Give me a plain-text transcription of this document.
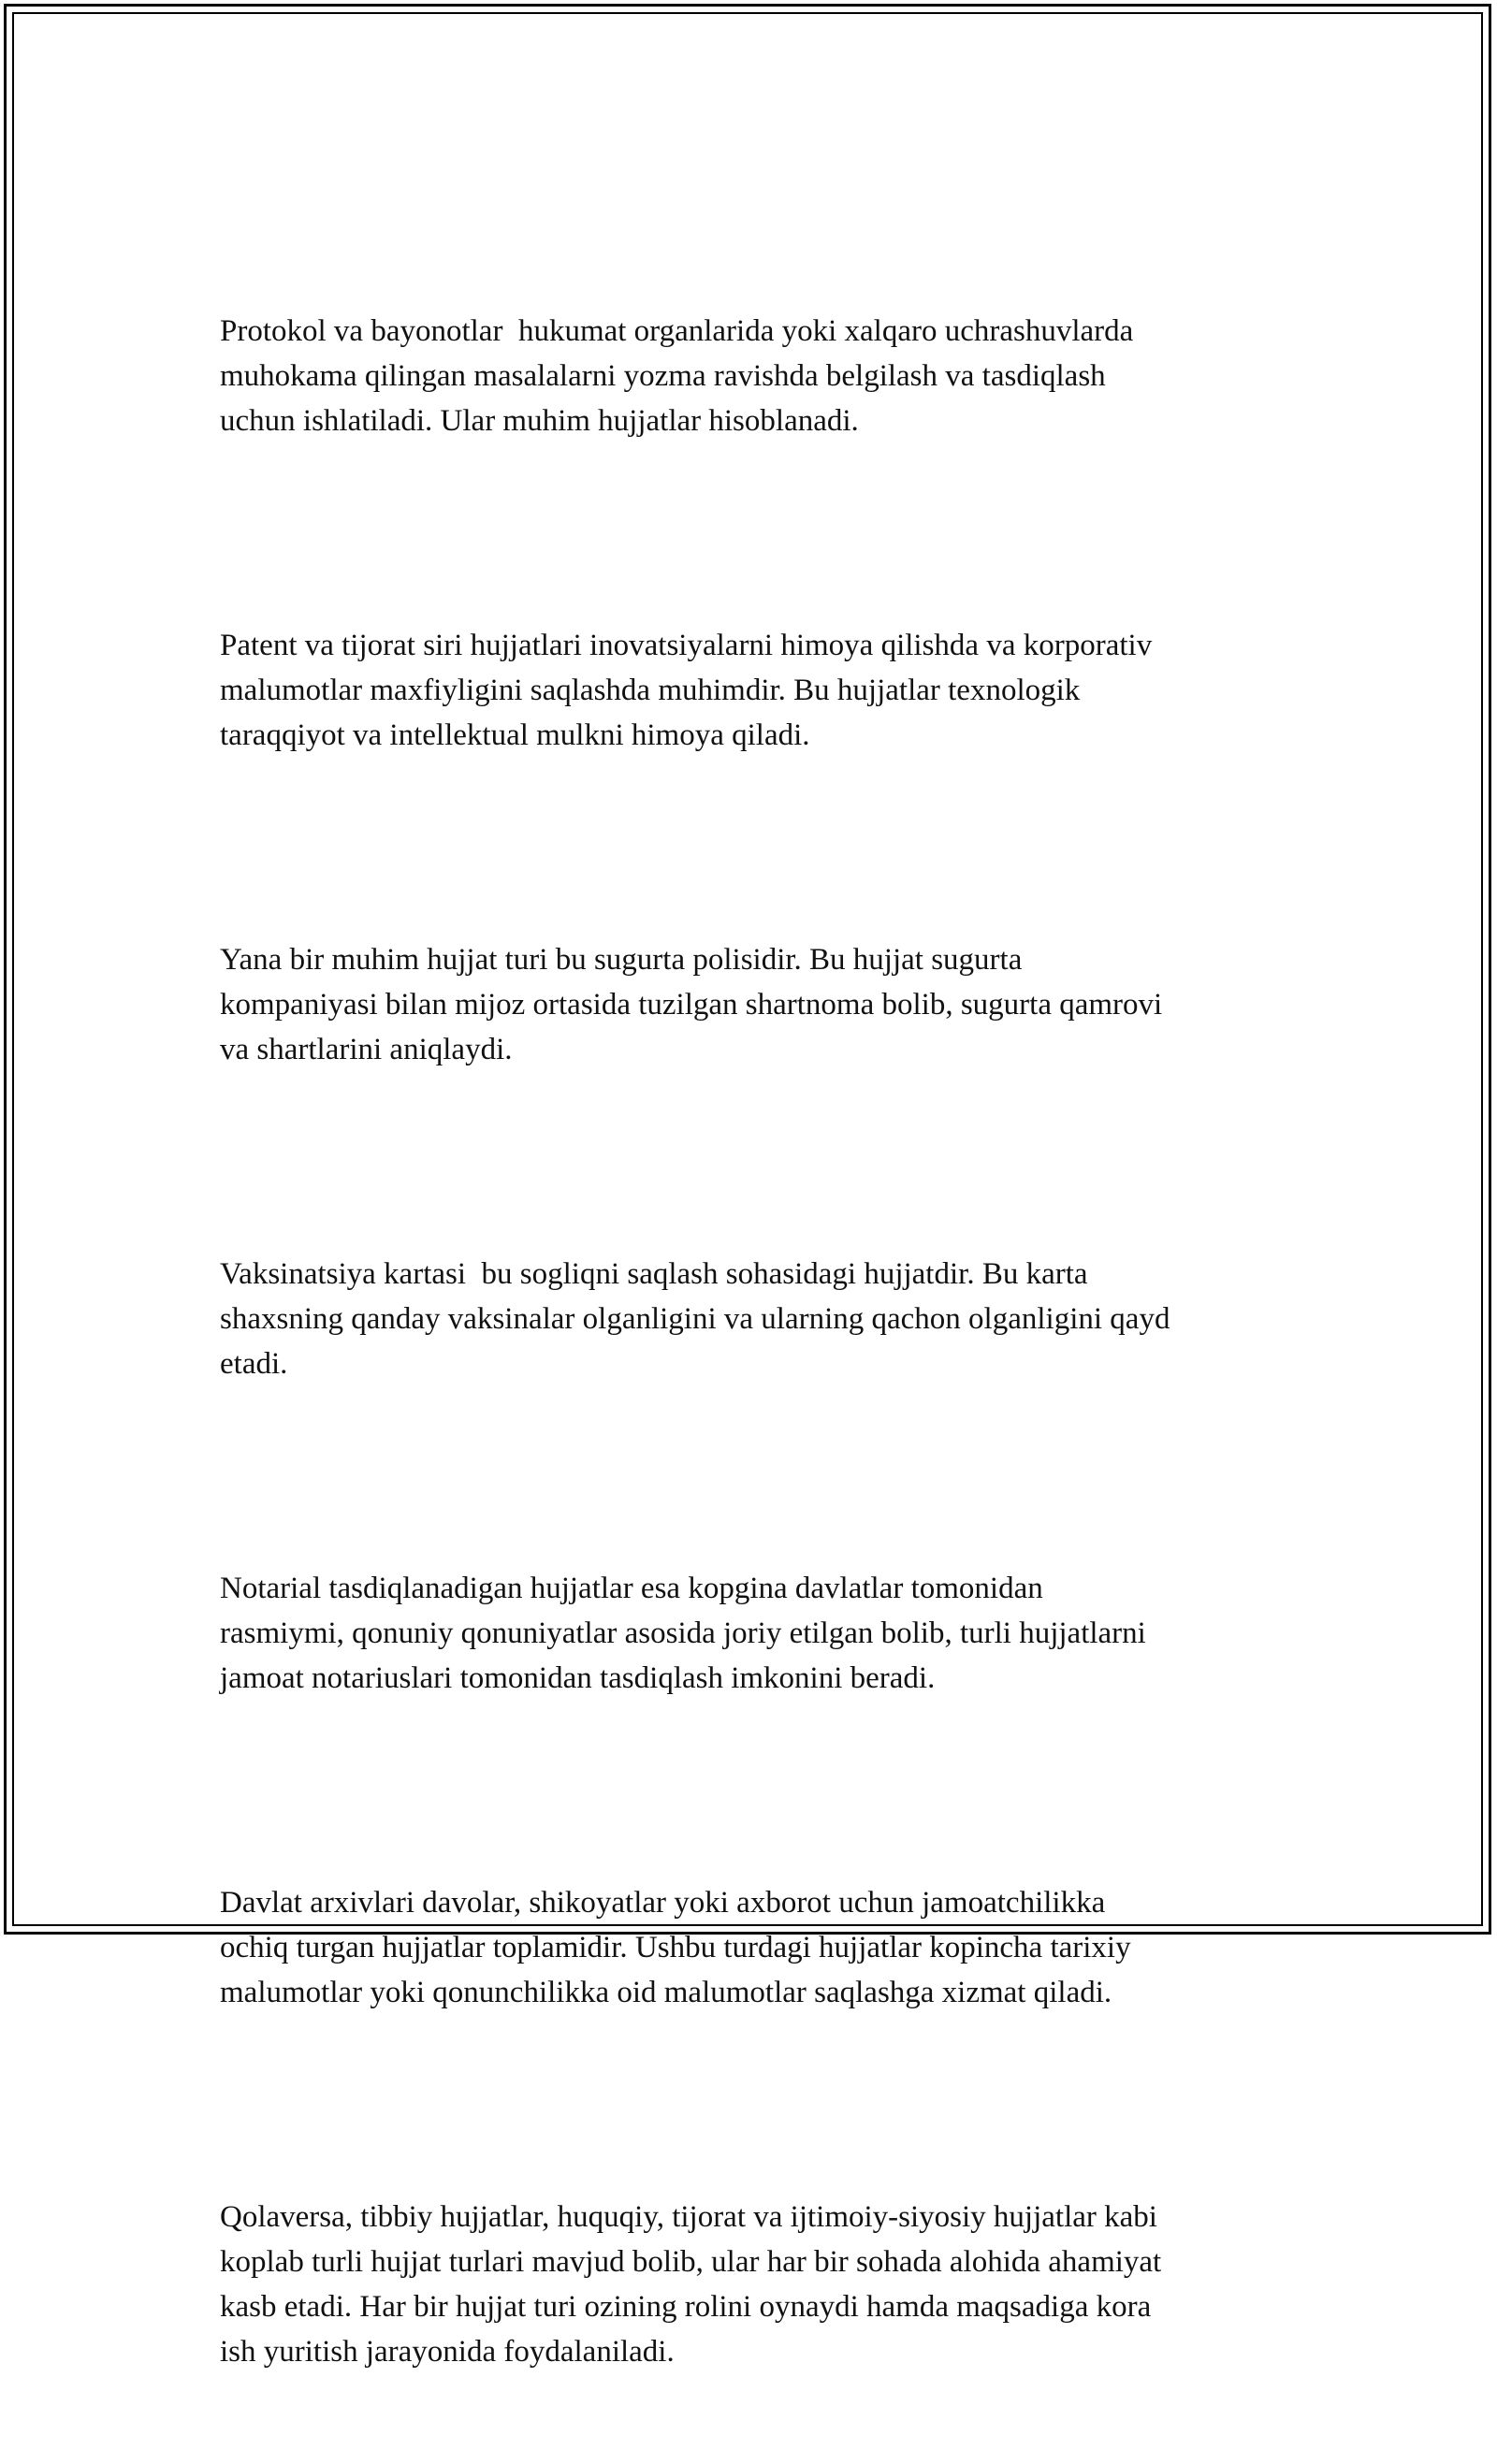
Protokol va bayonotlar  hukumat organlarida yoki xalqaro uchrashuvlarda
muhokama qilingan masalalarni yozma ravishda belgilash va tasdiqlash
uchun ishlatiladi. Ular muhim hujjatlar hisoblanadi.

Patent va tijorat siri hujjatlari inovatsiyalarni himoya qilishda va korporativ
malumotlar maxfiyligini saqlashda muhimdir. Bu hujjatlar texnologik
taraqqiyot va intellektual mulkni himoya qiladi.

Yana bir muhim hujjat turi bu sugurta polisidir. Bu hujjat sugurta
kompaniyasi bilan mijoz ortasida tuzilgan shartnoma bolib, sugurta qamrovi
va shartlarini aniqlaydi.

Vaksinatsiya kartasi  bu sogliqni saqlash sohasidagi hujjatdir. Bu karta
shaxsning qanday vaksinalar olganligini va ularning qachon olganligini qayd
etadi.

Notarial tasdiqlanadigan hujjatlar esa kopgina davlatlar tomonidan
rasmiymi, qonuniy qonuniyatlar asosida joriy etilgan bolib, turli hujjatlarni
jamoat notariuslari tomonidan tasdiqlash imkonini beradi.

Davlat arxivlari davolar, shikoyatlar yoki axborot uchun jamoatchilikka
ochiq turgan hujjatlar toplamidir. Ushbu turdagi hujjatlar kopincha tarixiy
malumotlar yoki qonunchilikka oid malumotlar saqlashga xizmat qiladi.

Qolaversa, tibbiy hujjatlar, huquqiy, tijorat va ijtimoiy-siyosiy hujjatlar kabi
koplab turli hujjat turlari mavjud bolib, ular har bir sohada alohida ahamiyat
kasb etadi. Har bir hujjat turi ozining rolini oynaydi hamda maqsadiga kora
ish yuritish jarayonida foydalaniladi.
